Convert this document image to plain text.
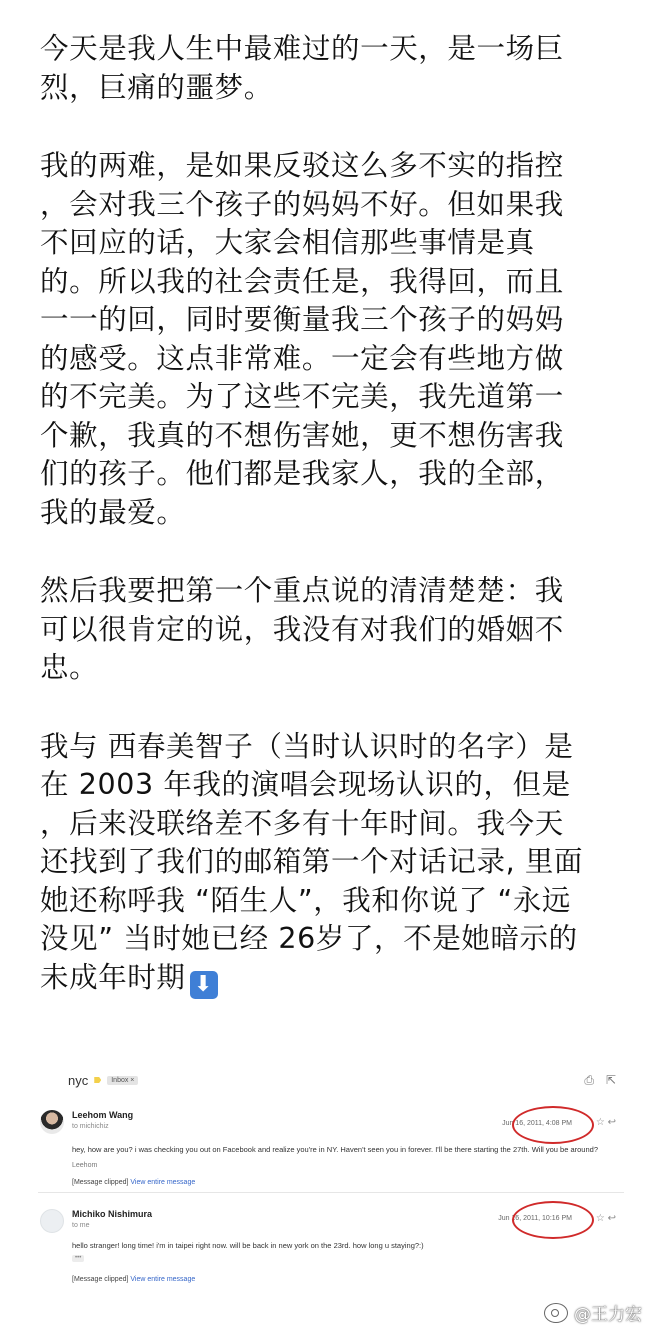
今天是我人生中最难过的一天，是一场巨
烈，巨痛的噩梦。

我的两难，是如果反驳这么多不实的指控
，会对我三个孩子的妈妈不好。但如果我
不回应的话，大家会相信那些事情是真
的。所以我的社会责任是，我得回，而且
一一的回，同时要衡量我三个孩子的妈妈
的感受。这点非常难。一定会有些地方做
的不完美。为了这些不完美，我先道第一
个歉，我真的不想伤害她，更不想伤害我
们的孩子。他们都是我家人，我的全部，
我的最爱。

然后我要把第一个重点说的清清楚楚：我
可以很肯定的说，我没有对我们的婚姻不
忠。

我与 西春美智子（当时认识时的名字）是
在 2003 年我的演唱会现场认识的，但是
，后来没联络差不多有十年时间。我今天
还找到了我们的邮箱第一个对话记录, 里面
她还称呼我 “陌生人”，我和你说了 “永远
没见” 当时她已经 26岁了，不是她暗示的
未成年时期 ⬇

nyc	Inbox ×	⎙ ⇱
Leehom Wang
to michichiz	Jun 16, 2011, 4:08 PM ☆ ↩
hey, how are you? i was checking you out on Facebook and realize you're in NY. Haven't seen you in forever. I'll be there starting the 27th. Will you be around?
Leehom
[Message clipped] View entire message
Michiko Nishimura
to me
Jun 16, 2011, 10:16 PM ☆ ↩
hello stranger! long time! i'm in taipei right now. will be back in new york on the 23rd. how long u staying?:)
•••
[Message clipped] View entire message
@王力宏
